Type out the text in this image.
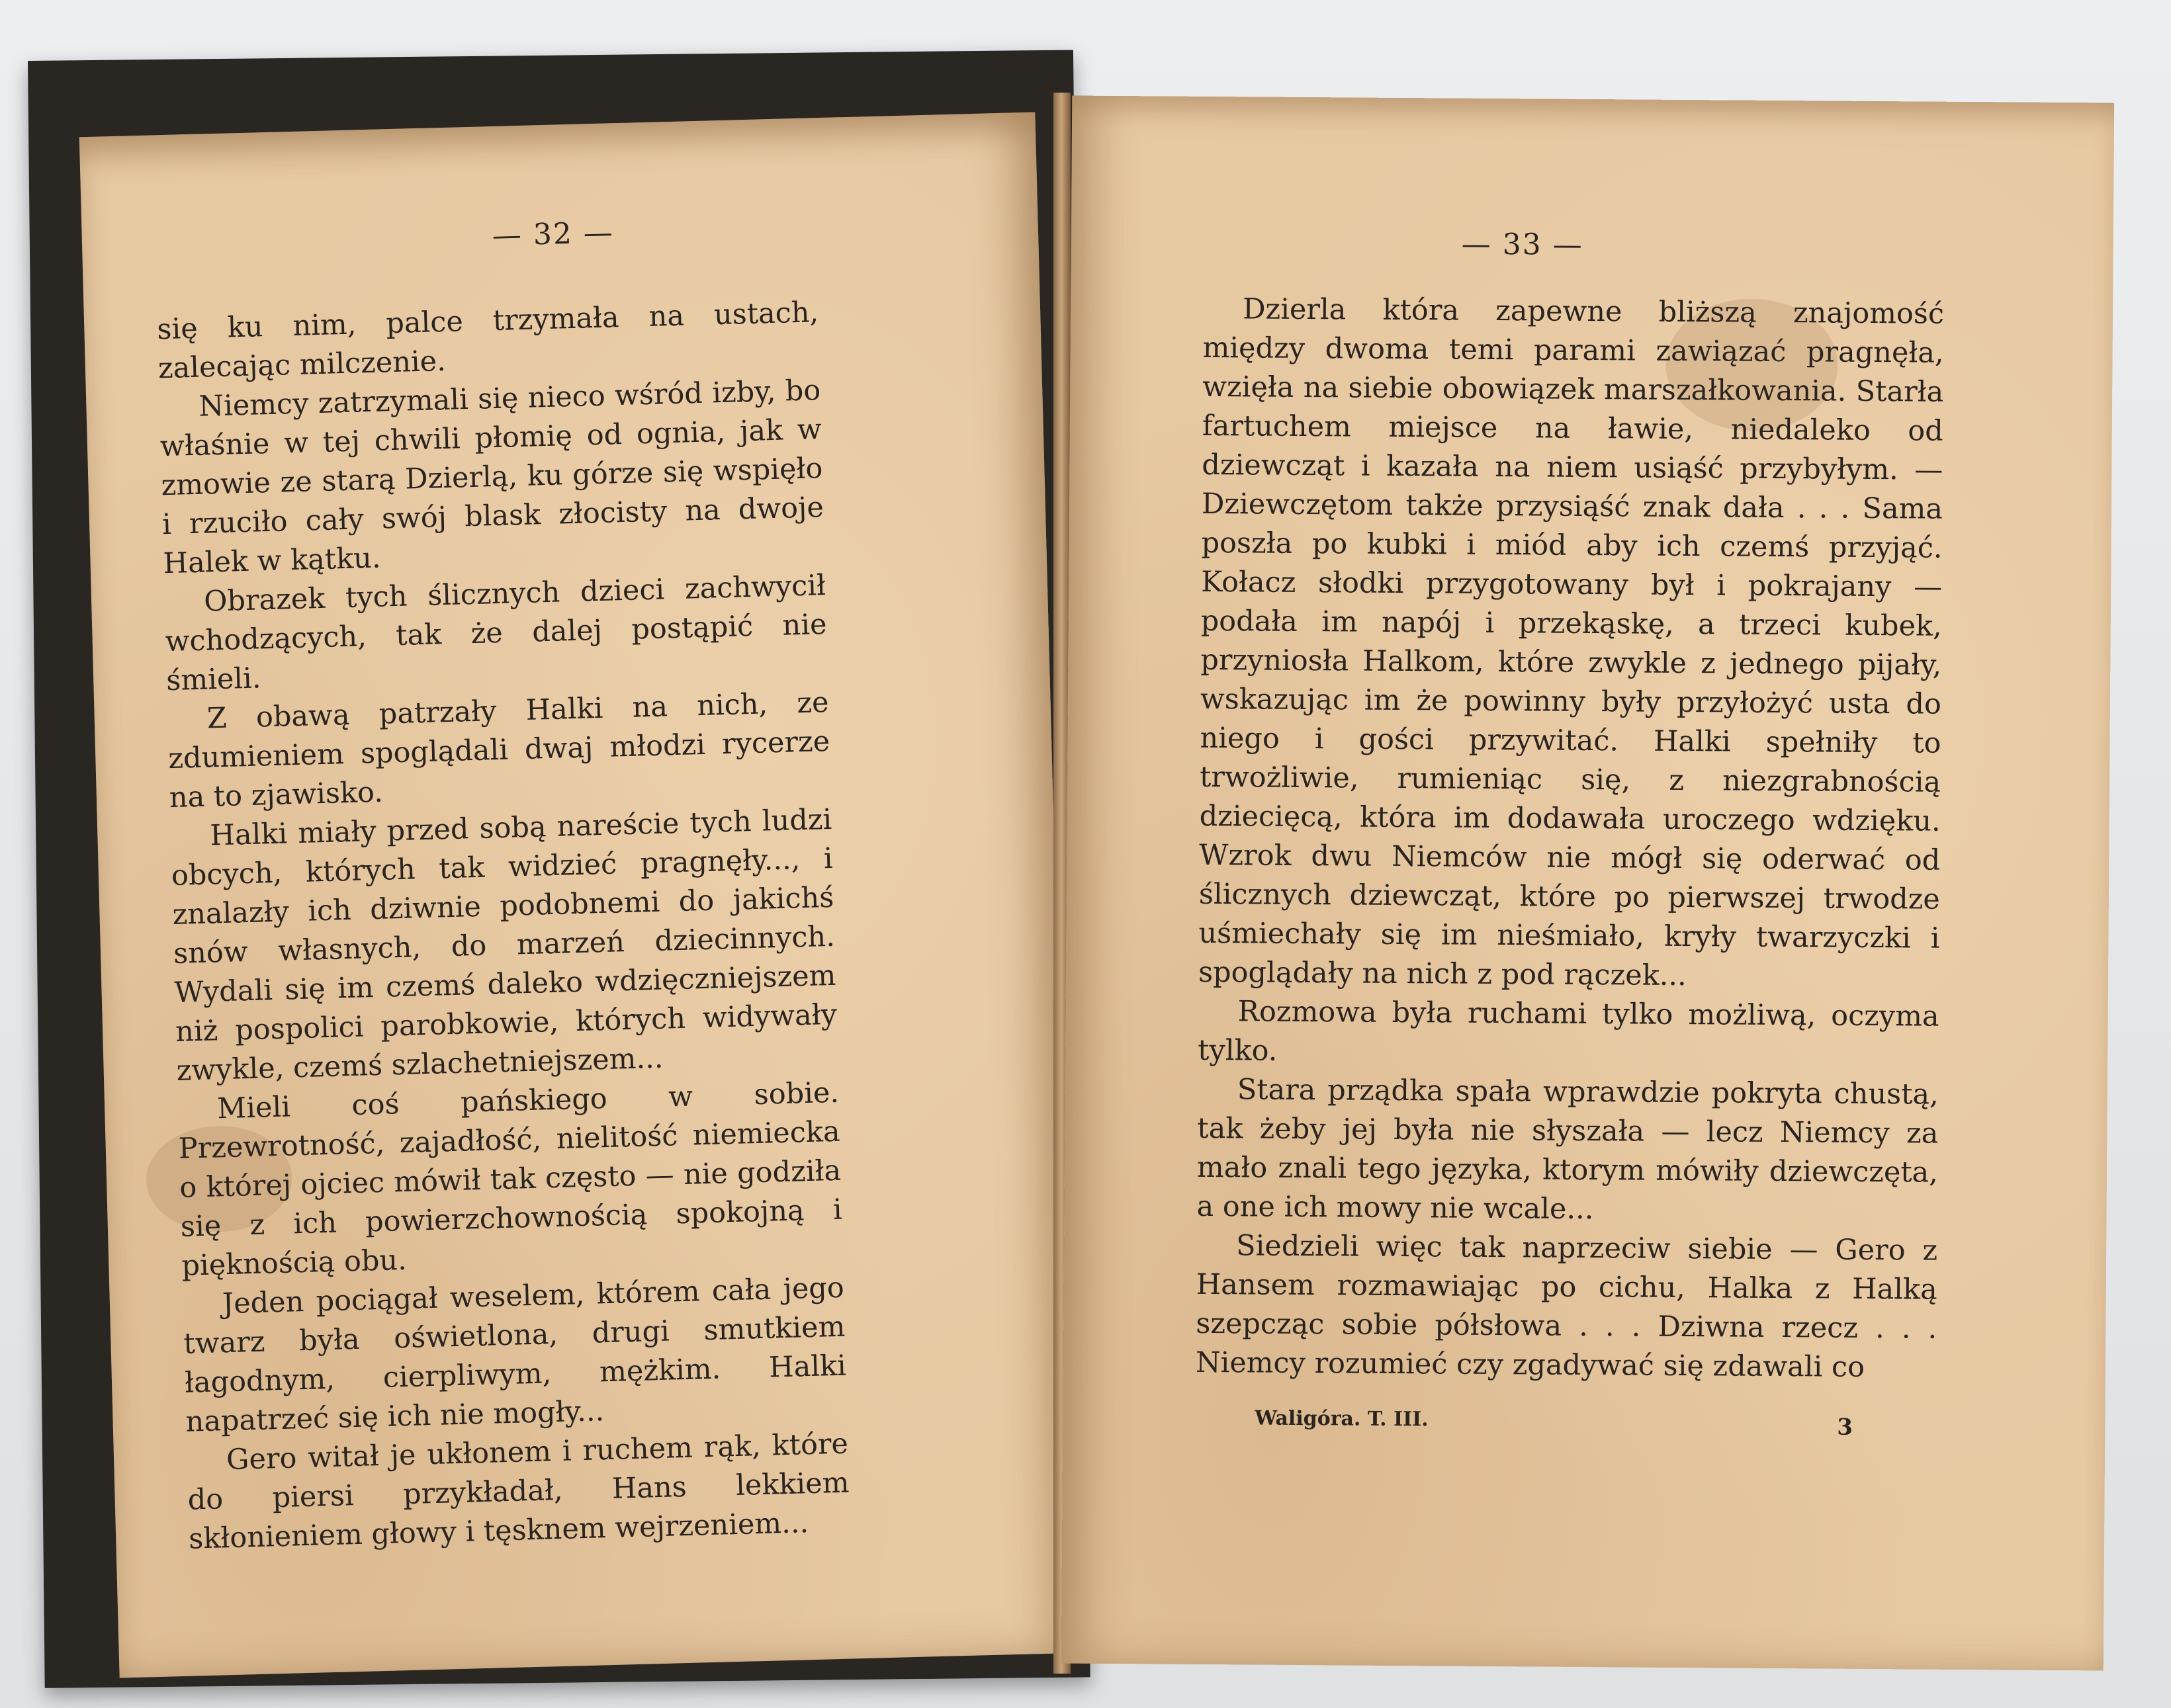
— 32 —

się ku nim, palce trzymała na ustach, zalecając milczenie.

Niemcy zatrzymali się nieco wśród izby, bo właśnie w tej chwili płomię od ognia, jak w zmowie ze starą Dzierlą, ku górze się wspięło i rzuciło cały swój blask złocisty na dwoje Halek w kątku.

Obrazek tych ślicznych dzieci zachwycił wchodzących, tak że dalej postąpić nie śmieli.

Z obawą patrzały Halki na nich, ze zdumieniem spoglądali dwaj młodzi rycerze na to zjawisko.

Halki miały przed sobą nareście tych ludzi obcych, których tak widzieć pragnęły..., i znalazły ich dziwnie podobnemi do jakichś snów własnych, do marzeń dziecinnych. Wydali się im czemś daleko wdzięczniejszem niż pospolici parobkowie, których widywały zwykle, czemś szlachetniejszem...

Mieli coś pańskiego w sobie. Przewrotność, zajadłość, nielitość niemiecka o której ojciec mówił tak często — nie godziła się z ich powierzchownością spokojną i pięknością obu.

Jeden pociągał weselem, którem cała jego twarz była oświetlona, drugi smutkiem łagodnym, cierpliwym, mężkim. Halki napatrzeć się ich nie mogły...

Gero witał je ukłonem i ruchem rąk, które do piersi przykładał, Hans lekkiem skłonieniem głowy i tęsknem wejrzeniem...

— 33 —

Dzierla która zapewne bliższą znajomość między dwoma temi parami zawiązać pragnęła, wzięła na siebie obowiązek marszałkowania. Starła fartuchem miejsce na ławie, niedaleko od dziewcząt i kazała na niem usiąść przybyłym. — Dziewczętom także przysiąść znak dała . . . Sama poszła po kubki i miód aby ich czemś przyjąć. Kołacz słodki przygotowany był i pokrajany — podała im napój i przekąskę, a trzeci kubek, przyniosła Halkom, które zwykle z jednego pijały, wskazując im że powinny były przyłożyć usta do niego i gości przywitać. Halki spełniły to trwożliwie, rumieniąc się, z niezgrabnością dziecięcą, która im dodawała uroczego wdzięku. Wzrok dwu Niemców nie mógł się oderwać od ślicznych dziewcząt, które po pierwszej trwodze uśmiechały się im nieśmiało, kryły twarzyczki i spoglądały na nich z pod rączek...

Rozmowa była ruchami tylko możliwą, oczyma tylko.

Stara prządka spała wprawdzie pokryta chustą, tak żeby jej była nie słyszała — lecz Niemcy za mało znali tego języka, ktorym mówiły dziewczęta, a one ich mowy nie wcale...

Siedzieli więc tak naprzeciw siebie — Gero z Hansem rozmawiając po cichu, Halka z Halką szepcząc sobie półsłowa . . . Dziwna rzecz . . . Niemcy rozumieć czy zgadywać się zdawali co

Waligóra. T. III.	3
